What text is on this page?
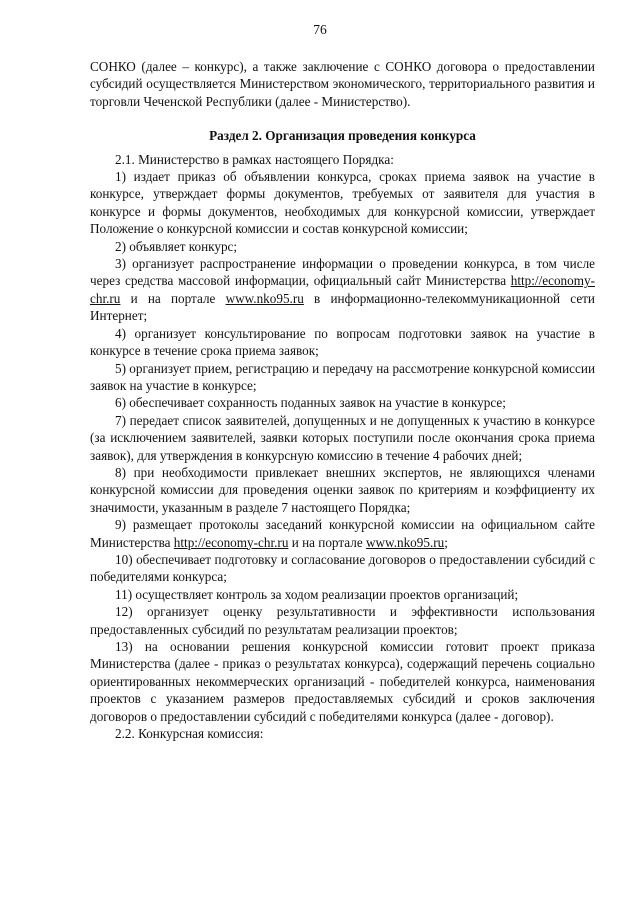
76

СОНКО (далее – конкурс), а также заключение с СОНКО договора о предоставлении субсидий осуществляется Министерством экономического, территориального развития и торговли Чеченской Республики (далее - Министерство).

Раздел 2. Организация проведения конкурса

2.1. Министерство в рамках настоящего Порядка:

1) издает приказ об объявлении конкурса, сроках приема заявок на участие в конкурсе, утверждает формы документов, требуемых от заявителя для участия в конкурсе и формы документов, необходимых для конкурсной комиссии, утверждает Положение о конкурсной комиссии и состав конкурсной комиссии;

2) объявляет конкурс;

3) организует распространение информации о проведении конкурса, в том числе через средства массовой информации, официальный сайт Министерства http://economy-chr.ru и на портале www.nko95.ru в информационно-телекоммуникационной сети Интернет;

4) организует консультирование по вопросам подготовки заявок на участие в конкурсе в течение срока приема заявок;

5) организует прием, регистрацию и передачу на рассмотрение конкурсной комиссии заявок на участие в конкурсе;

6) обеспечивает сохранность поданных заявок на участие в конкурсе;

7) передает список заявителей, допущенных и не допущенных к участию в конкурсе (за исключением заявителей, заявки которых поступили после окончания срока приема заявок), для утверждения в конкурсную комиссию в течение 4 рабочих дней;

8) при необходимости привлекает внешних экспертов, не являющихся членами конкурсной комиссии для проведения оценки заявок по критериям и коэффициенту их значимости, указанным в разделе 7 настоящего Порядка;

9) размещает протоколы заседаний конкурсной комиссии на официальном сайте Министерства http://economy-chr.ru и на портале www.nko95.ru;

10) обеспечивает подготовку и согласование договоров о предоставлении субсидий с победителями конкурса;

11) осуществляет контроль за ходом реализации проектов организаций;

12) организует оценку результативности и эффективности использования предоставленных субсидий по результатам реализации проектов;

13) на основании решения конкурсной комиссии готовит проект приказа Министерства (далее - приказ о результатах конкурса), содержащий перечень социально ориентированных некоммерческих организаций - победителей конкурса, наименования проектов с указанием размеров предоставляемых субсидий и сроков заключения договоров о предоставлении субсидий с победителями конкурса (далее - договор).

2.2. Конкурсная комиссия:
